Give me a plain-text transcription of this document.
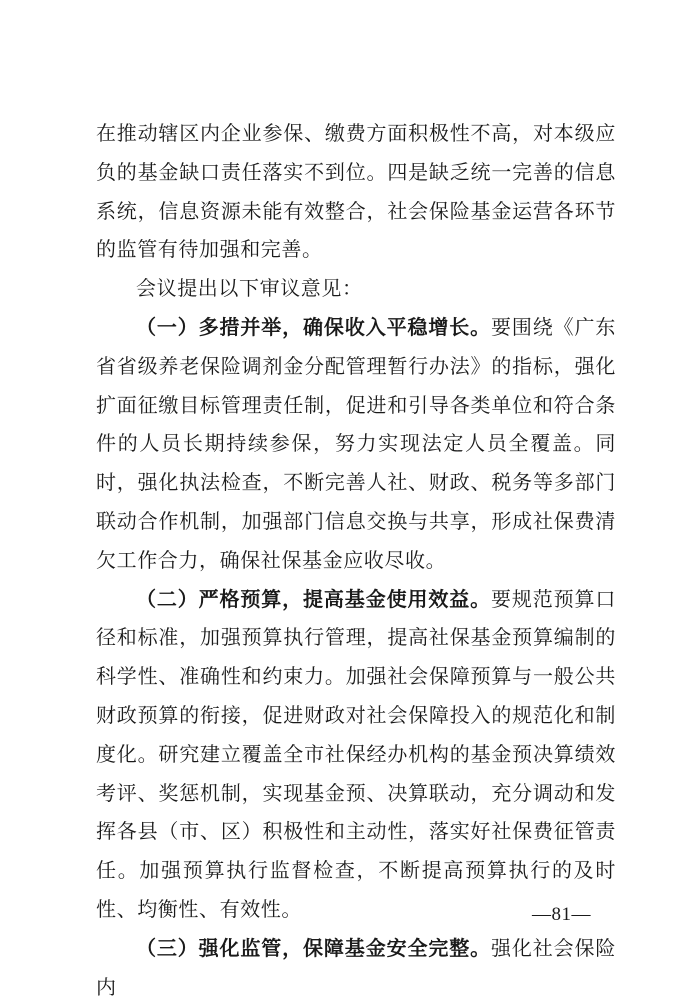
在推动辖区内企业参保、缴费方面积极性不高，对本级应负的基金缺口责任落实不到位。四是缺乏统一完善的信息系统，信息资源未能有效整合，社会保险基金运营各环节的监管有待加强和完善。

会议提出以下审议意见：

（一）多措并举，确保收入平稳增长。要围绕《广东省省级养老保险调剂金分配管理暂行办法》的指标，强化扩面征缴目标管理责任制，促进和引导各类单位和符合条件的人员长期持续参保，努力实现法定人员全覆盖。同时，强化执法检查，不断完善人社、财政、税务等多部门联动合作机制，加强部门信息交换与共享，形成社保费清欠工作合力，确保社保基金应收尽收。

（二）严格预算，提高基金使用效益。要规范预算口径和标准，加强预算执行管理，提高社保基金预算编制的科学性、准确性和约束力。加强社会保障预算与一般公共财政预算的衔接，促进财政对社会保障投入的规范化和制度化。研究建立覆盖全市社保经办机构的基金预决算绩效考评、奖惩机制，实现基金预、决算联动，充分调动和发挥各县（市、区）积极性和主动性，落实好社保费征管责任。加强预算执行监督检查，不断提高预算执行的及时性、均衡性、有效性。

（三）强化监管，保障基金安全完整。强化社会保险内

—81—
